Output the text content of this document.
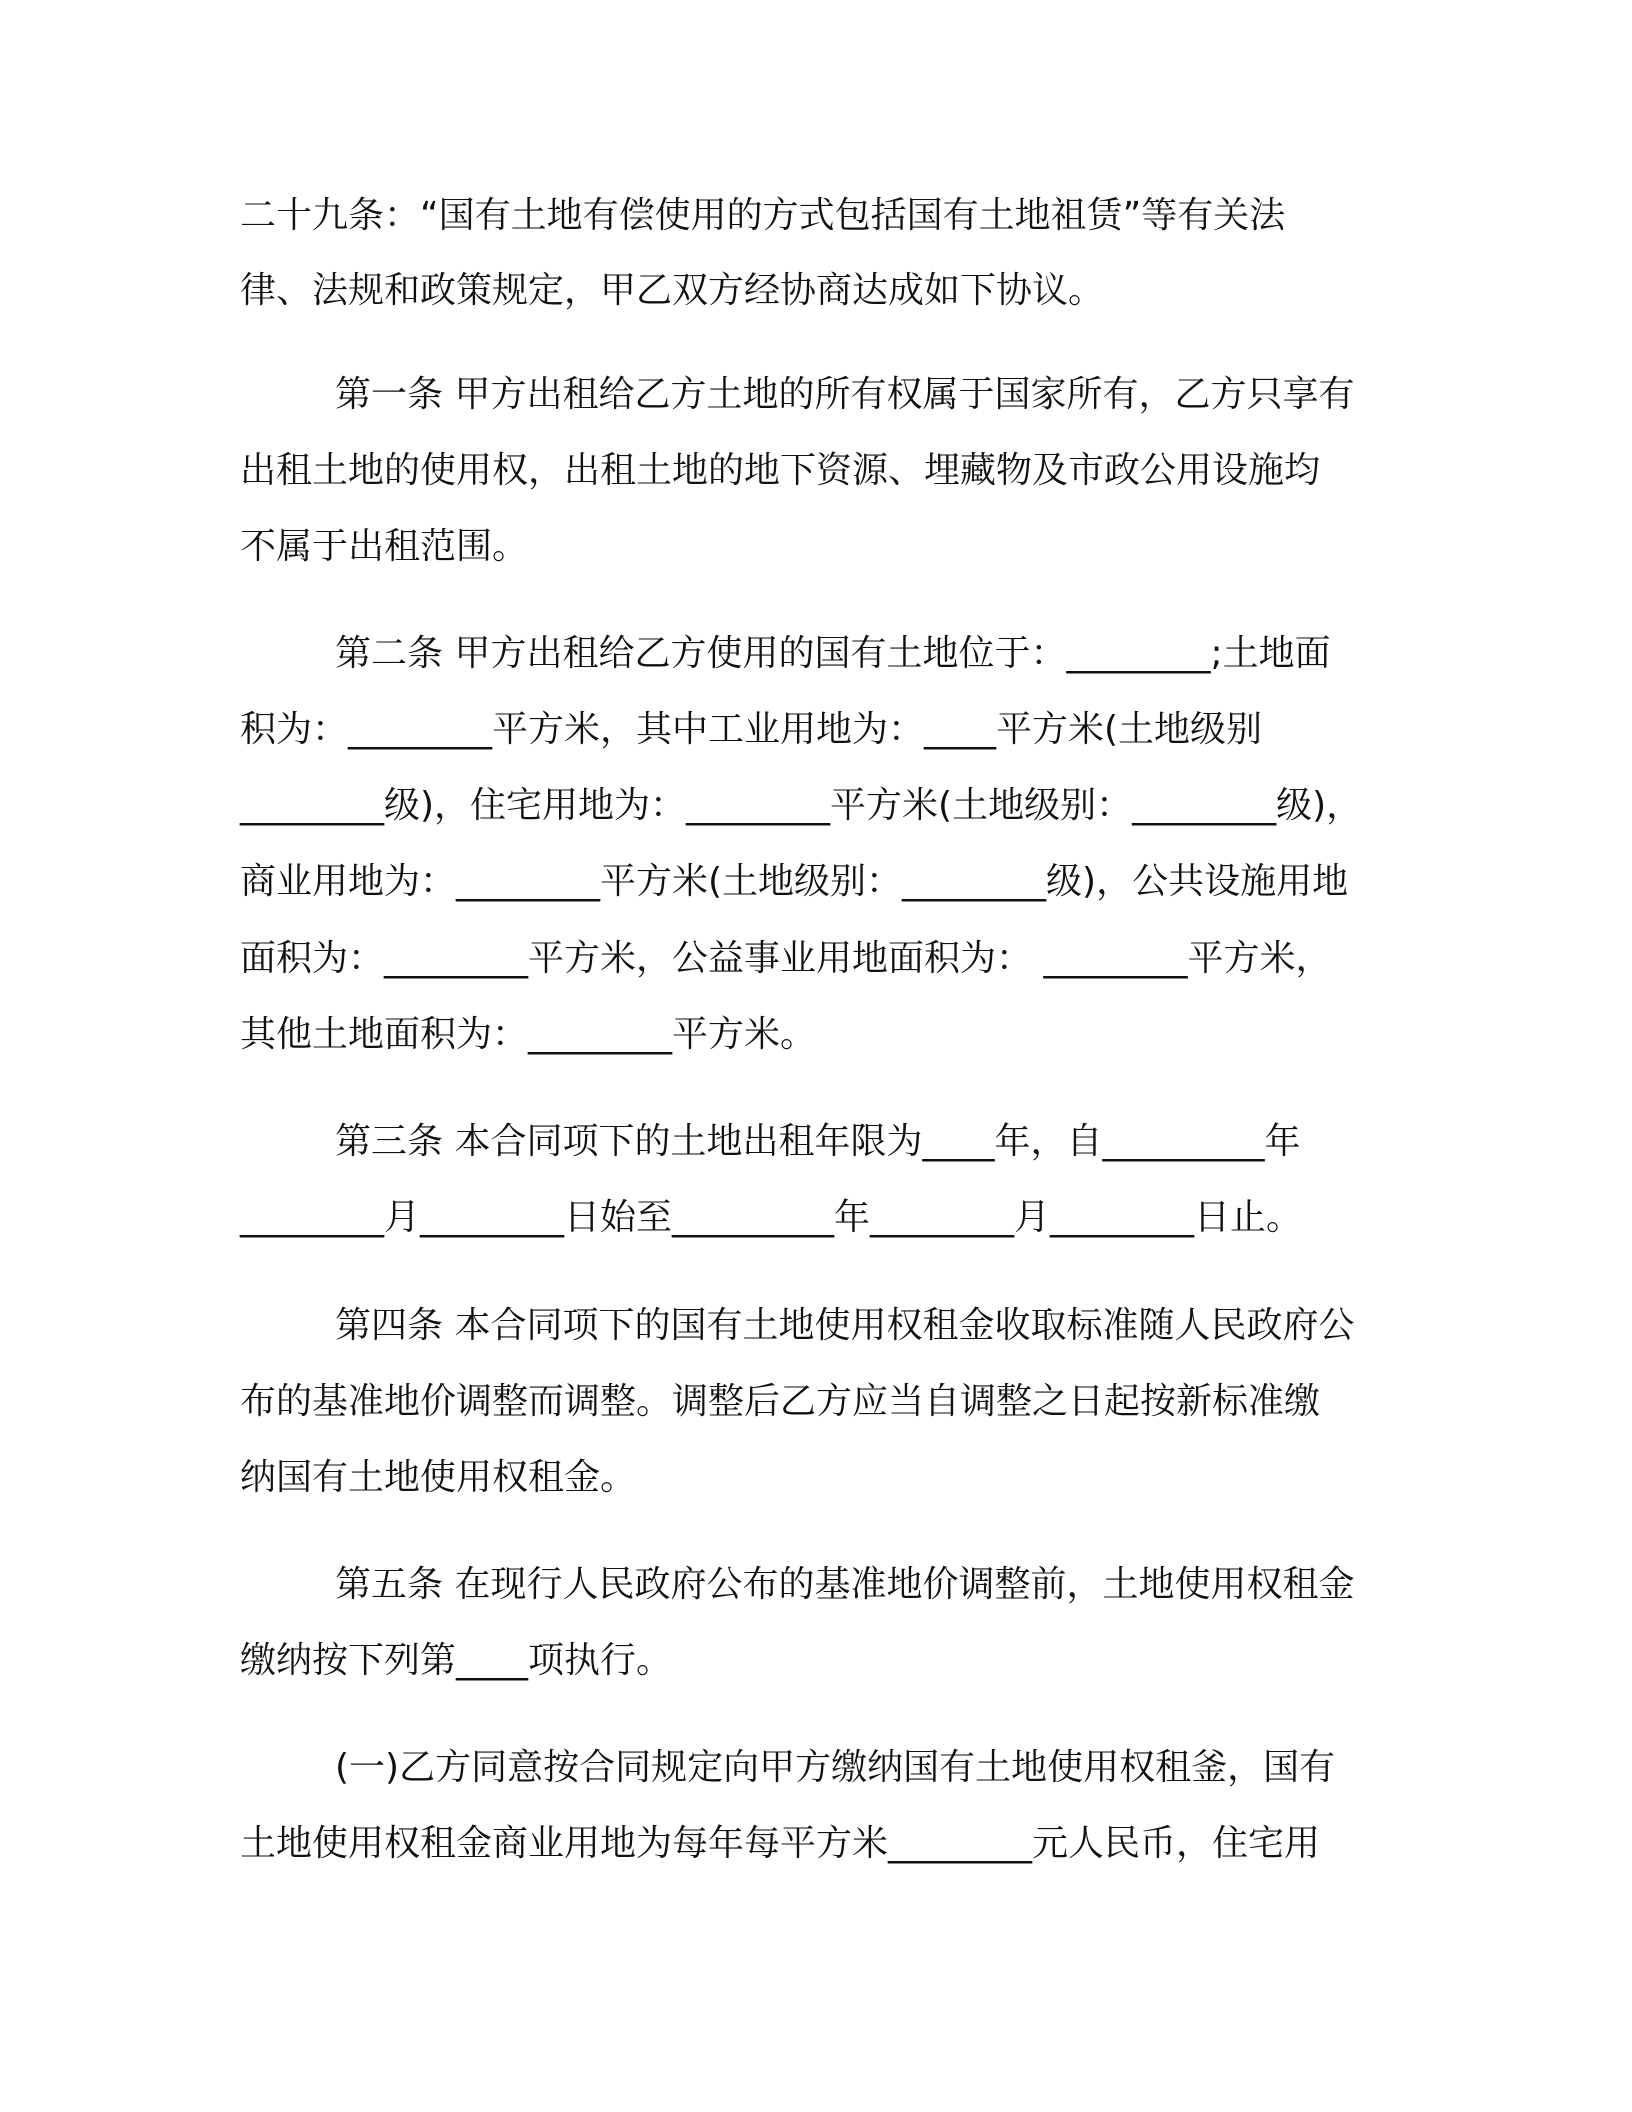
二十九条：“国有土地有偿使用的方式包括国有土地祖赁”等有关法
律、法规和政策规定，甲乙双方经协商达成如下协议。
第一条 甲方出租给乙方土地的所有权属于国家所有，乙方只享有
出租土地的使用权，出租土地的地下资源、埋藏物及市政公用设施均
不属于出租范围。
第二条 甲方出租给乙方使用的国有土地位于：________;土地面
积为：________平方米，其中工业用地为：____平方米(土地级别
________级)，住宅用地为：________平方米(土地级别：________级)，
商业用地为：________平方米(土地级别：________级)，公共设施用地
面积为：________平方米，公益事业用地面积为： ________平方米，
其他土地面积为：________平方米。
第三条 本合同项下的土地出租年限为____年，自_________年
________月________日始至_________年________月________日止。
第四条 本合同项下的国有土地使用权租金收取标准随人民政府公
布的基准地价调整而调整。调整后乙方应当自调整之日起按新标准缴
纳国有土地使用权租金。
第五条 在现行人民政府公布的基准地价调整前，土地使用权租金
缴纳按下列第____项执行。
(一)乙方同意按合同规定向甲方缴纳国有土地使用权租釜，国有
土地使用权租金商业用地为每年每平方米________元人民币，住宅用
